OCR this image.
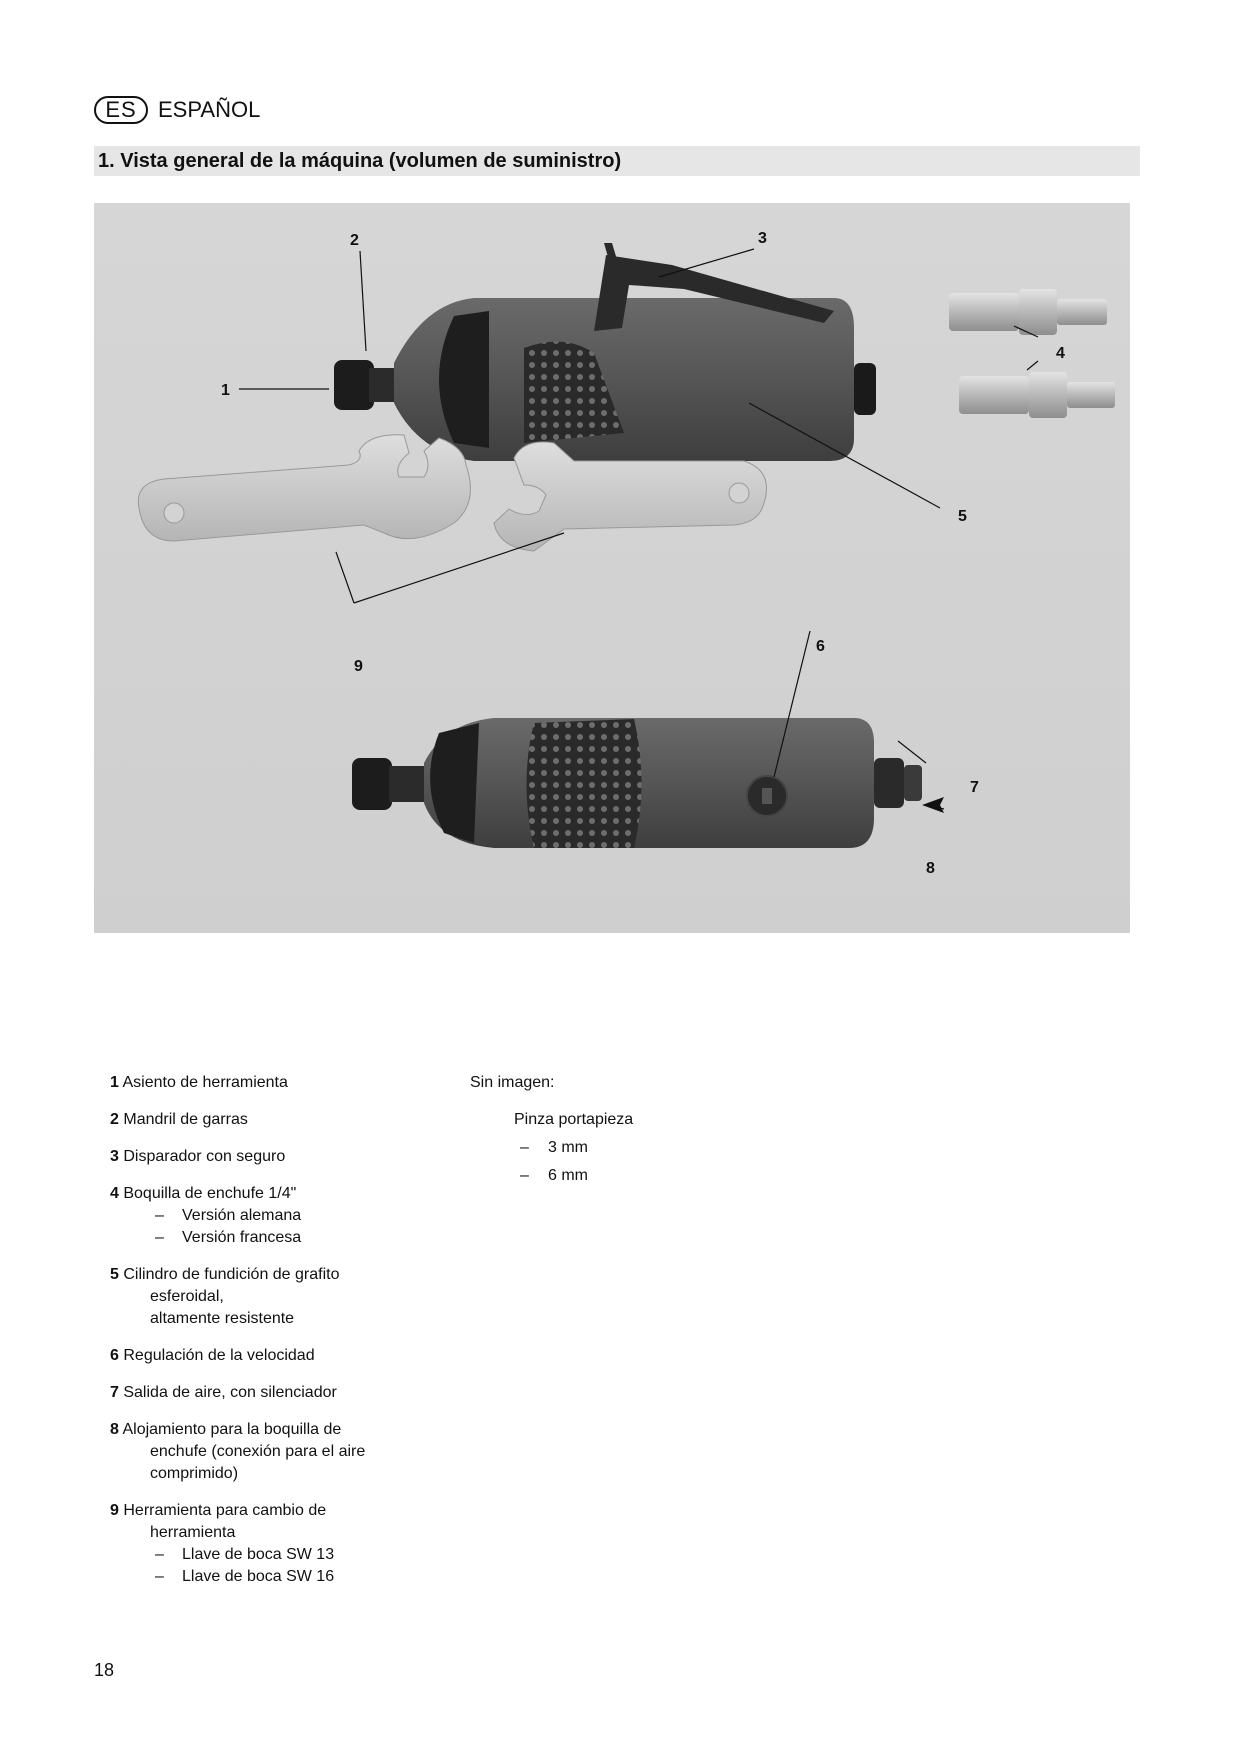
ES ESPAÑOL
1. Vista general de la máquina (volumen de suministro)
1
2	3
4
5
6
7
8
9
1 Asiento de herramienta
2 Mandril de garras
3 Disparador con seguro
4 Boquilla de enchufe 1/4"
– Versión alemana
– Versión francesa
5 Cilindro de fundición de grafito
esferoidal,
altamente resistente
6 Regulación de la velocidad
7 Salida de aire, con silenciador
8 Alojamiento para la boquilla de
enchufe (conexión para el aire
comprimido)
9 Herramienta para cambio de
herramienta
– Llave de boca SW 13
– Llave de boca SW 16
Sin imagen:
Pinza portapieza
– 3 mm
– 6 mm
18
